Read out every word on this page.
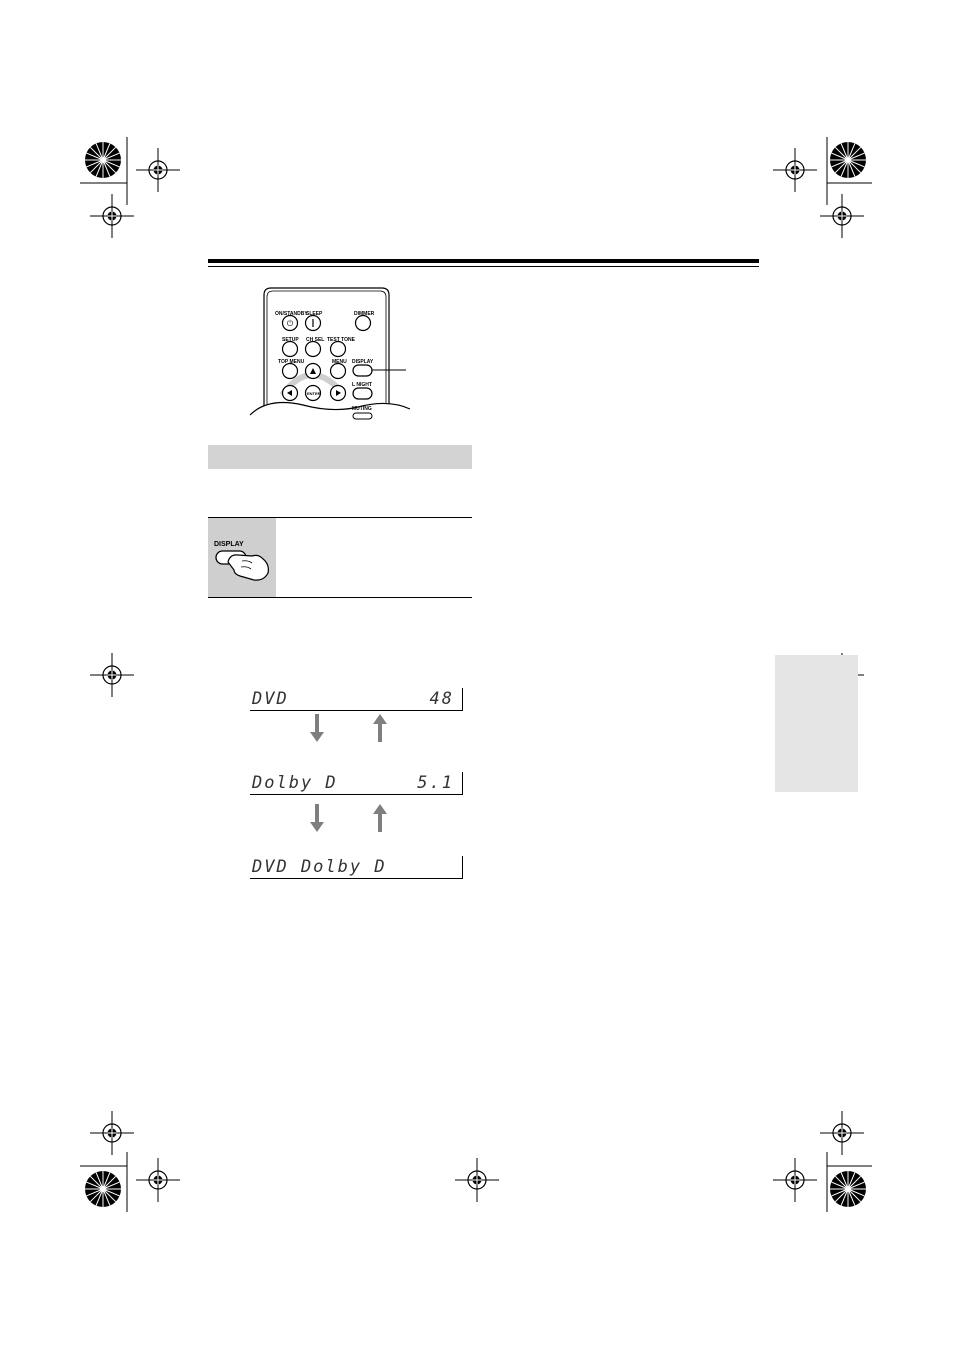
⏻
ON/STANDBY
SLEEP	DIMMER
SETUP CH SEL TEST TONE
TOP MENU	MENU DISPLAY
L NIGHT
ENTER
MUTING
DISPLAY
DVD	48
Dolby D	5.1
DVD Dolby D
